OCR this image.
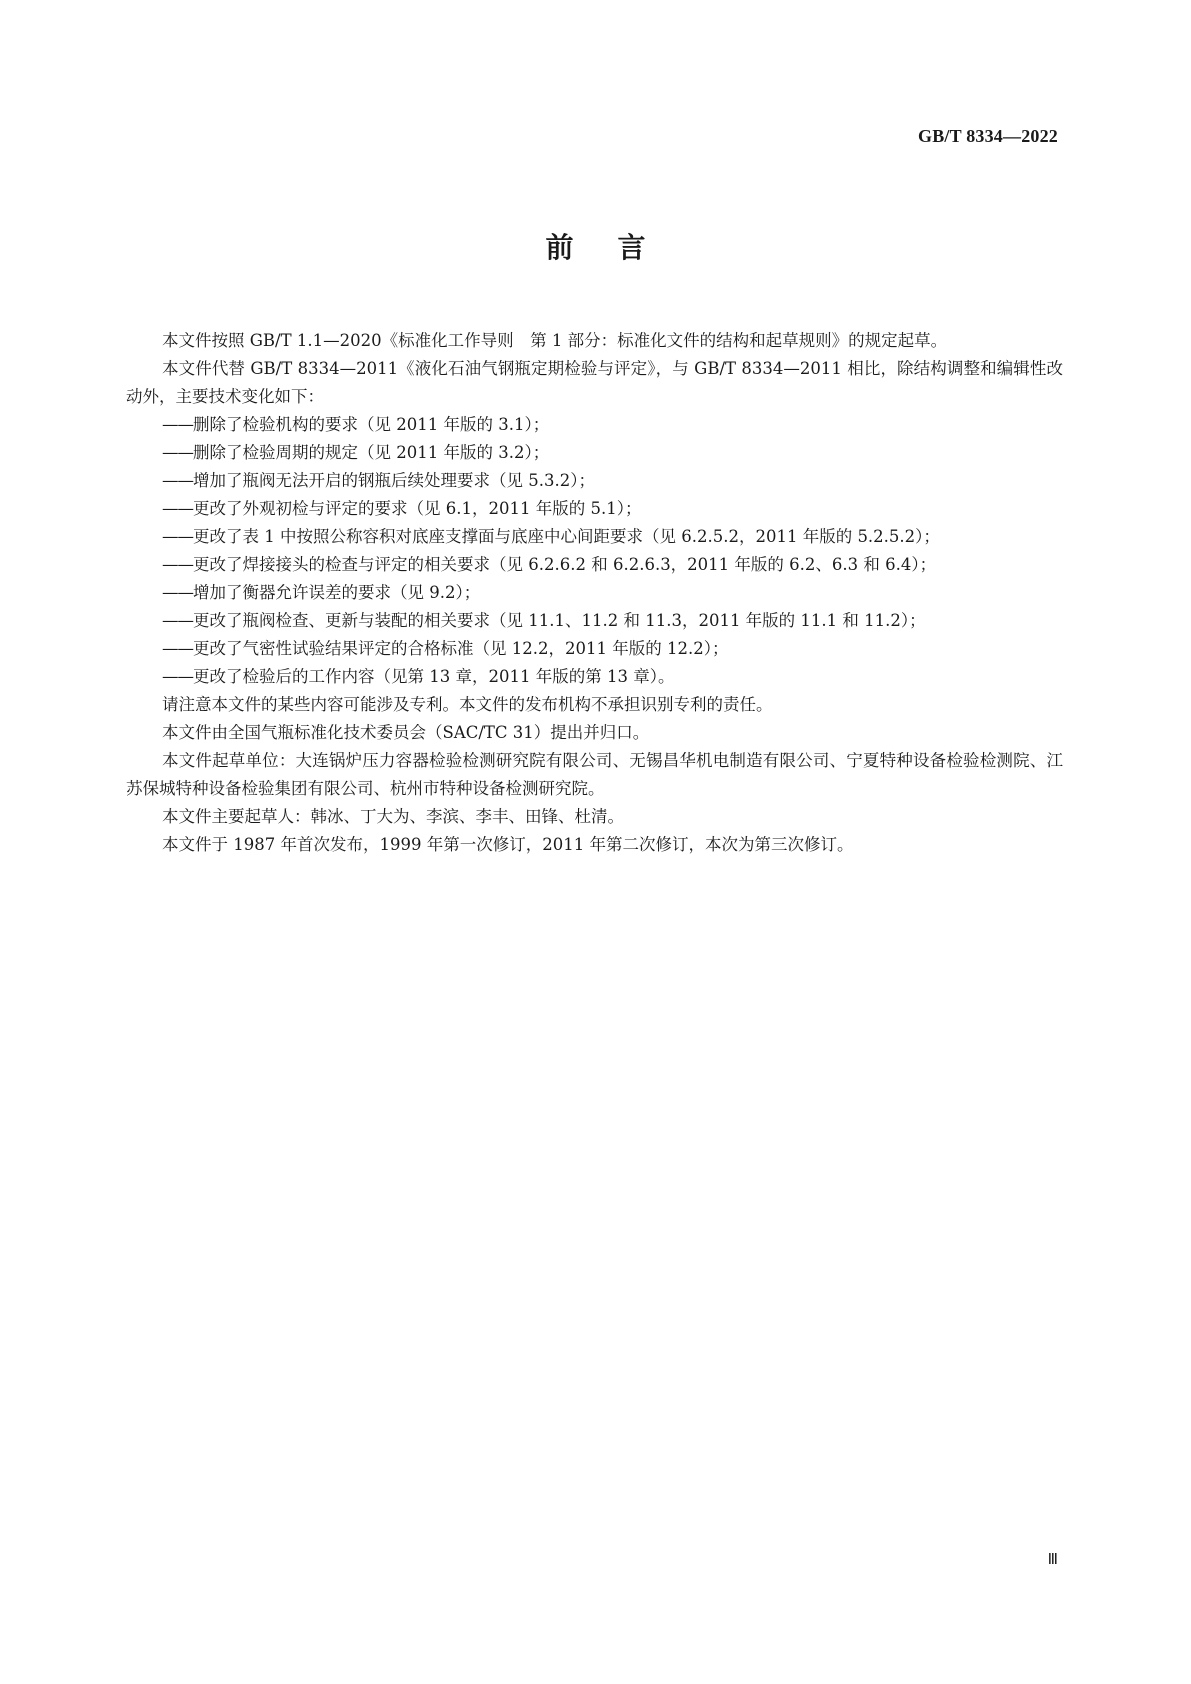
GB/T 8334—2022
前 言

本文件按照 GB/T 1.1—2020《标准化工作导则　第 1 部分：标准化文件的结构和起草规则》的规定起草。

本文件代替 GB/T 8334—2011《液化石油气钢瓶定期检验与评定》，与 GB/T 8334—2011 相比，除结构调整和编辑性改动外，主要技术变化如下：

——删除了检验机构的要求（见 2011 年版的 3.1）；

——删除了检验周期的规定（见 2011 年版的 3.2）；

——增加了瓶阀无法开启的钢瓶后续处理要求（见 5.3.2）；

——更改了外观初检与评定的要求（见 6.1，2011 年版的 5.1）；

——更改了表 1 中按照公称容积对底座支撑面与底座中心间距要求（见 6.2.5.2，2011 年版的 5.2.5.2）；

——更改了焊接接头的检查与评定的相关要求（见 6.2.6.2 和 6.2.6.3，2011 年版的 6.2、6.3 和 6.4）；

——增加了衡器允许误差的要求（见 9.2）；

——更改了瓶阀检查、更新与装配的相关要求（见 11.1、11.2 和 11.3，2011 年版的 11.1 和 11.2）；

——更改了气密性试验结果评定的合格标准（见 12.2，2011 年版的 12.2）；

——更改了检验后的工作内容（见第 13 章，2011 年版的第 13 章）。

请注意本文件的某些内容可能涉及专利。本文件的发布机构不承担识别专利的责任。

本文件由全国气瓶标准化技术委员会（SAC/TC 31）提出并归口。

本文件起草单位：大连锅炉压力容器检验检测研究院有限公司、无锡昌华机电制造有限公司、宁夏特种设备检验检测院、江苏保城特种设备检验集团有限公司、杭州市特种设备检测研究院。

本文件主要起草人：韩冰、丁大为、李滨、李丰、田锋、杜清。

本文件于 1987 年首次发布，1999 年第一次修订，2011 年第二次修订，本次为第三次修订。

Ⅲ
